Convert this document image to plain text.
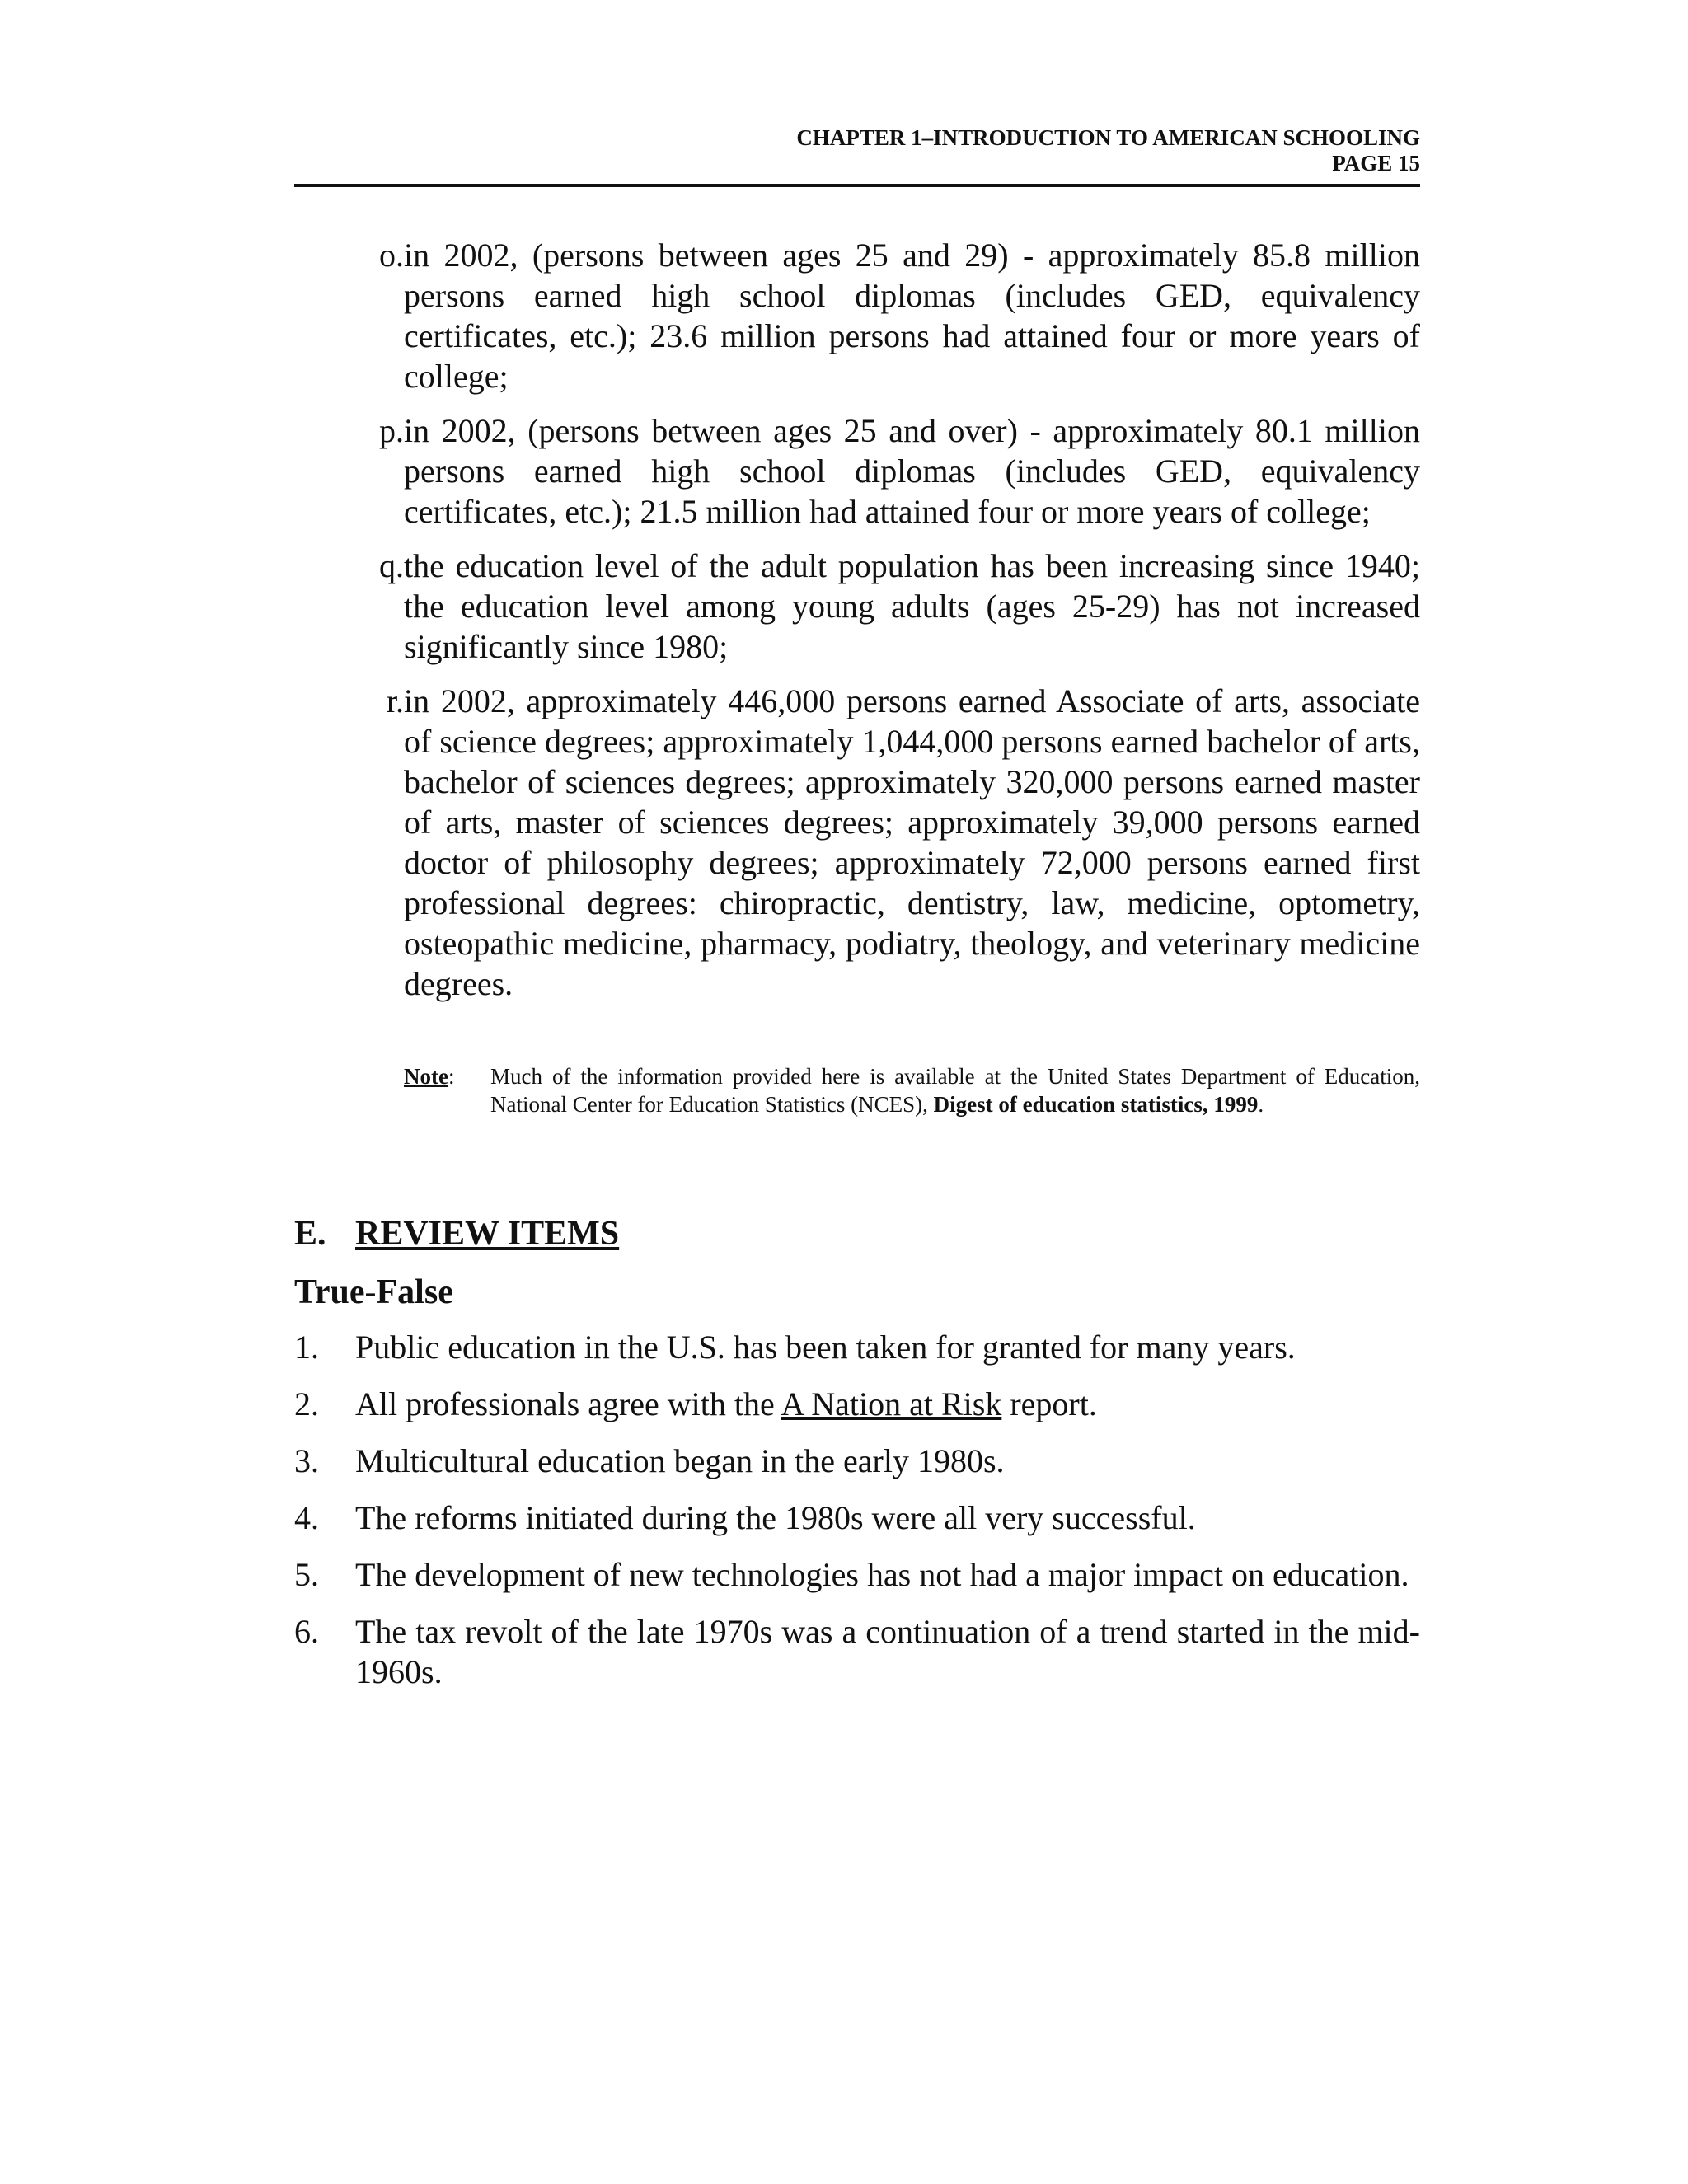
CHAPTER 1–INTRODUCTION TO AMERICAN SCHOOLING
PAGE 15
o. in 2002, (persons between ages 25 and 29) - approximately 85.8 million persons earned high school diplomas (includes GED, equivalency certificates, etc.); 23.6 million persons had attained four or more years of college;
p. in 2002, (persons between ages 25 and over) - approximately 80.1 million persons earned high school diplomas (includes GED, equivalency certificates, etc.); 21.5 million had attained four or more years of college;
q. the education level of the adult population has been increasing since 1940; the education level among young adults (ages 25-29) has not increased significantly since 1980;
r. in 2002, approximately 446,000 persons earned Associate of arts, associate of science degrees; approximately 1,044,000 persons earned bachelor of arts, bachelor of sciences degrees; approximately 320,000 persons earned master of arts, master of sciences degrees; approximately 39,000 persons earned doctor of philosophy degrees; approximately 72,000 persons earned first professional degrees: chiropractic, dentistry, law, medicine, optometry, osteopathic medicine, pharmacy, podiatry, theology, and veterinary medicine degrees.
Note:	Much of the information provided here is available at the United States Department of Education, National Center for Education Statistics (NCES), Digest of education statistics, 1999.
E. REVIEW ITEMS
True-False
1.	Public education in the U.S. has been taken for granted for many years.
2.	All professionals agree with the A Nation at Risk report.
3.	Multicultural education began in the early 1980s.
4.	The reforms initiated during the 1980s were all very successful.
5.	The development of new technologies has not had a major impact on education.
6.	The tax revolt of the late 1970s was a continuation of a trend started in the mid-1960s.
